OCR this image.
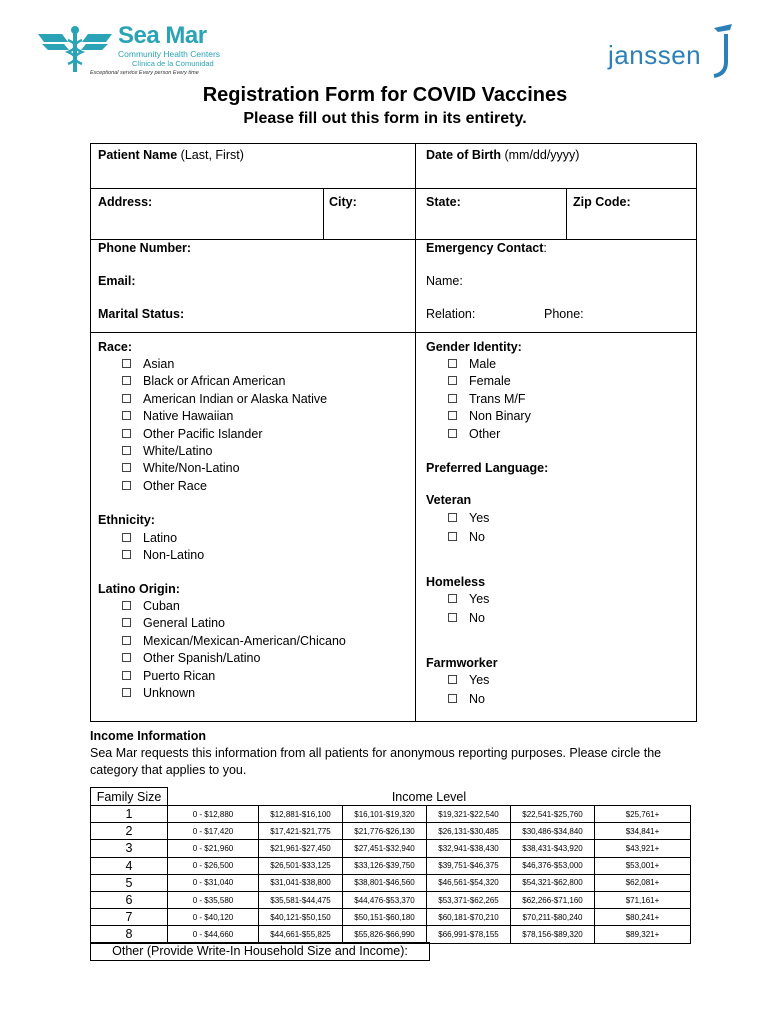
Sea Mar
Community Health Centers
Clínica de la Comunidad
Exceptional service Every person Every time
janssen
Registration Form for COVID Vaccines
Please fill out this form in its entirety.
Patient Name (Last, First)	Date of Birth (mm/dd/yyyy)
Address:	City:	State:	Zip Code:
Phone Number:
Email:
Marital Status:
Emergency Contact:
Name:
Relation:	Phone:
Race:
Asian
Black or African American
American Indian or Alaska Native
Native Hawaiian
Other Pacific Islander
White/Latino
White/Non-Latino
Other Race
Ethnicity:
Latino
Non-Latino
Latino Origin:
Cuban
General Latino
Mexican/Mexican-American/Chicano
Other Spanish/Latino
Puerto Rican
Unknown
Gender Identity:
Male
Female
Trans M/F
Non Binary
Other
Preferred Language:
Veteran
Yes
No
Homeless
Yes
No
Farmworker
Yes
No
Income Information
Sea Mar requests this information from all patients for anonymous reporting purposes. Please circle the category that applies to you.
Family Size	Income Level					
1	0 - $12,880	$12,881-$16,100	$16,101-$19,320	$19,321-$22,540	$22,541-$25,760	$25,761+
2	0 - $17,420	$17,421-$21,775	$21,776-$26,130	$26,131-$30,485	$30,486-$34,840	$34,841+
3	0 - $21,960	$21,961-$27,450	$27,451-$32,940	$32,941-$38,430	$38,431-$43,920	$43,921+
4	0 - $26,500	$26,501-$33,125	$33,126-$39,750	$39,751-$46,375	$46,376-$53,000	$53,001+
5	0 - $31,040	$31,041-$38,800	$38,801-$46,560	$46,561-$54,320	$54,321-$62,800	$62,081+
6	0 - $35,580	$35,581-$44,475	$44,476-$53,370	$53,371-$62,265	$62,266-$71,160	$71,161+
7	0 - $40,120	$40,121-$50,150	$50,151-$60,180	$60,181-$70,210	$70,211-$80,240	$80,241+
8	0 - $44,660	$44,661-$55,825	$55,826-$66,990	$66,991-$78,155	$78,156-$89,320	$89,321+
Other (Provide Write-In Household Size and Income):
